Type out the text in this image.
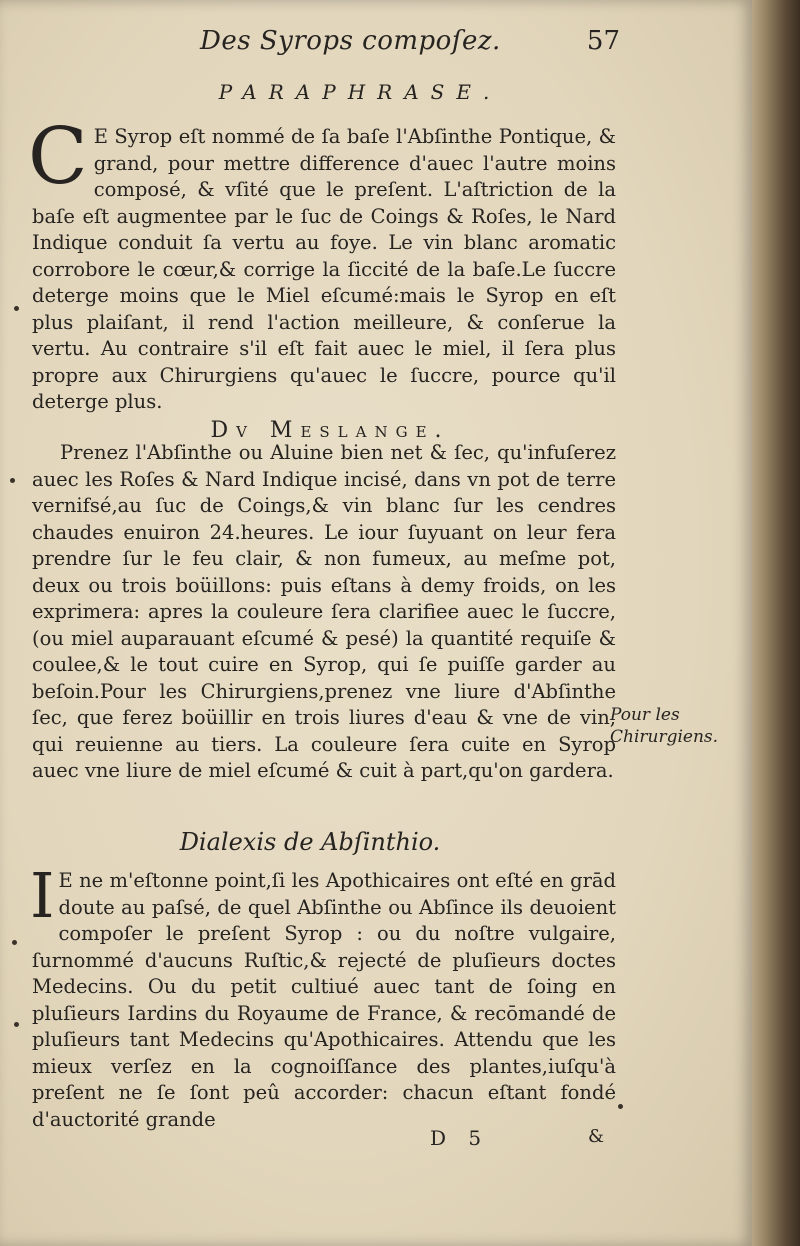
Des Syrops compoſez.	57
PARAPHRASE.
C E Syrop eſt nommé de ſa baſe l'Abſinthe Pontique, & grand, pour mettre difference d'auec l'autre moins composé, & vſité que le preſent. L'aſtriction de la baſe eſt augmentee par le ſuc de Coings & Roſes, le Nard Indique conduit ſa vertu au foye. Le vin blanc aromatic corrobore le cœur,& corrige la ſiccité de la baſe.Le ſuccre deterge moins que le Miel eſcumé:mais le Syrop en eſt plus plaiſant, il rend l'action meilleure, & conſerue la vertu. Au contraire s'il eſt fait auec le miel, il ſera plus propre aux Chirurgiens qu'auec le ſuccre, pource qu'il deterge plus.
Dv Meslange.
Prenez l'Abſinthe ou Aluine bien net & ſec, qu'infuſerez auec les Roſes & Nard Indique incisé, dans vn pot de terre vernifsé,au ſuc de Coings,& vin blanc ſur les cendres chaudes enuiron 24.heures. Le iour ſuyuant on leur fera prendre ſur le feu clair, & non fumeux, au meſme pot, deux ou trois boüillons: puis eſtans à demy froids, on les exprimera: apres la couleure ſera clarifiee auec le ſuccre, (ou miel auparauant eſcumé & pesé) la quantité requiſe & coulee,& le tout cuire en Syrop, qui ſe puiſſe garder au beſoin.Pour les Chirurgiens,prenez vne liure d'Abſinthe ſec, que ferez boüillir en trois liures d'eau & vne de vin, qui reuienne au tiers. La couleure ſera cuite en Syrop auec vne liure de miel eſcumé & cuit à part,qu'on gardera.
Pour les Chirurgiens.
Dialexis de Abſinthio.
I E ne m'eſtonne point,ſi les Apothicaires ont eſté en grād doute au paſsé, de quel Abſinthe ou Abſince ils deuoient compoſer le preſent Syrop : ou du noſtre vulgaire, ſurnommé d'aucuns Ruſtic,& rejecté de pluſieurs doctes Medecins. Ou du petit cultiué auec tant de ſoing en pluſieurs Iardins du Royaume de France, & recōmandé de pluſieurs tant Medecins qu'Apothicaires. Attendu que les mieux verſez en la cognoiſſance des plantes,iuſqu'à preſent ne ſe ſont peû accorder: chacun eſtant fondé d'auctorité grande
D 5	&
